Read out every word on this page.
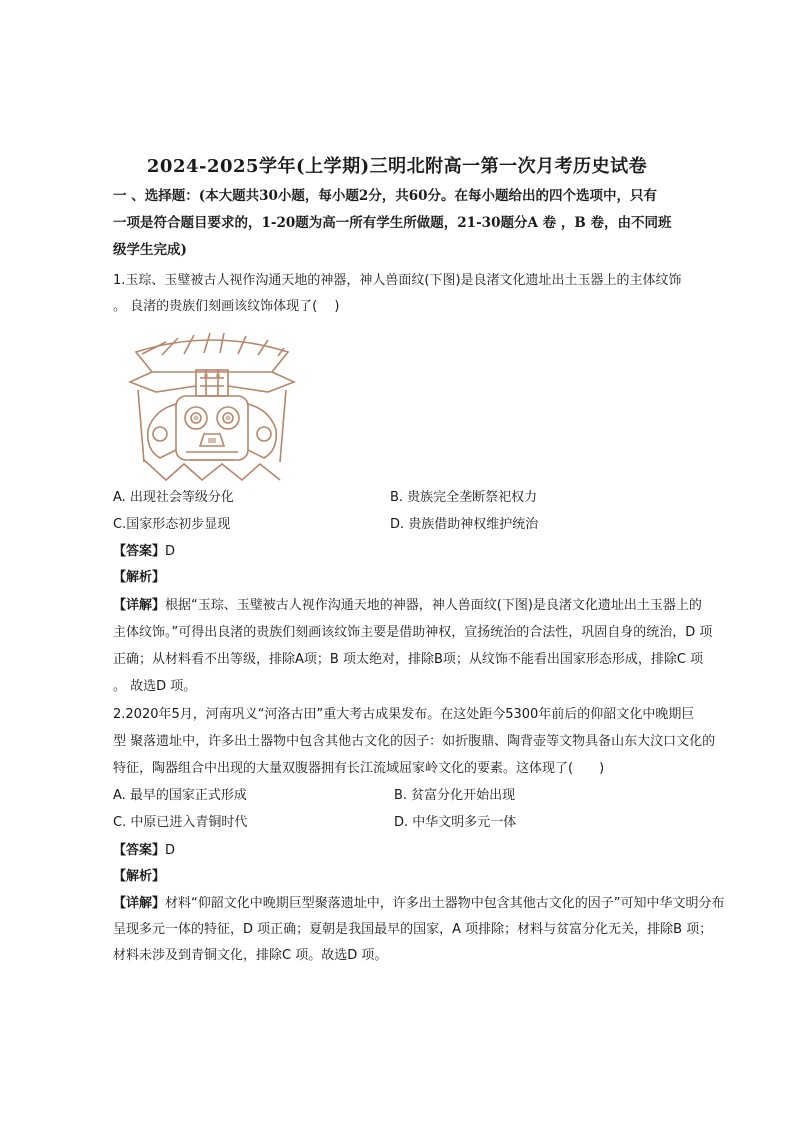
2024-2025学年(上学期)三明北附高一第一次月考历史试卷
一 、选择题：(本大题共30小题，每小题2分，共60分。在每小题给出的四个选项中，只有
一项是符合题目要求的，1-20题为高一所有学生所做题，21-30题分A 卷 ，B 卷，由不同班
级学生完成)
1.玉琮、玉璧被古人视作沟通天地的神器，神人兽面纹(下图)是良渚文化遗址出土玉器上的主体纹饰
。 良渚的贵族们刻画该纹饰体现了(　 )
A. 出现社会等级分化	B. 贵族完全垄断祭祀权力
C.国家形态初步显现	D. 贵族借助神权维护统治
【答案】D
【解析】
【详解】根据“玉琮、玉璧被古人视作沟通天地的神器，神人兽面纹(下图)是良渚文化遗址出土玉器上的
主体纹饰。”可得出良渚的贵族们刻画该纹饰主要是借助神权，宣扬统治的合法性，巩固自身的统治，D 项
正确；从材料看不出等级，排除A项；B 项太绝对，排除B项；从纹饰不能看出国家形态形成，排除C 项
。 故选D 项。
2.2020年5月，河南巩义“河洛古田”重大考古成果发布。在这处距今5300年前后的仰韶文化中晚期巨
型 聚落遗址中，许多出土器物中包含其他古文化的因子：如折腹鼎、陶背壶等文物具备山东大汶口文化的
特征，陶器组合中出现的大量双腹器拥有长江流域屈家岭文化的要素。这体现了(　　)
A. 最早的国家正式形成	B. 贫富分化开始出现
C. 中原已进入青铜时代	D. 中华文明多元一体
【答案】D
【解析】
【详解】材料“仰韶文化中晚期巨型聚落遗址中，许多出土器物中包含其他古文化的因子”可知中华文明分布
呈现多元一体的特征，D 项正确；夏朝是我国最早的国家，A 项排除；材料与贫富分化无关，排除B 项；
材料未涉及到青铜文化，排除C 项。故选D 项。
